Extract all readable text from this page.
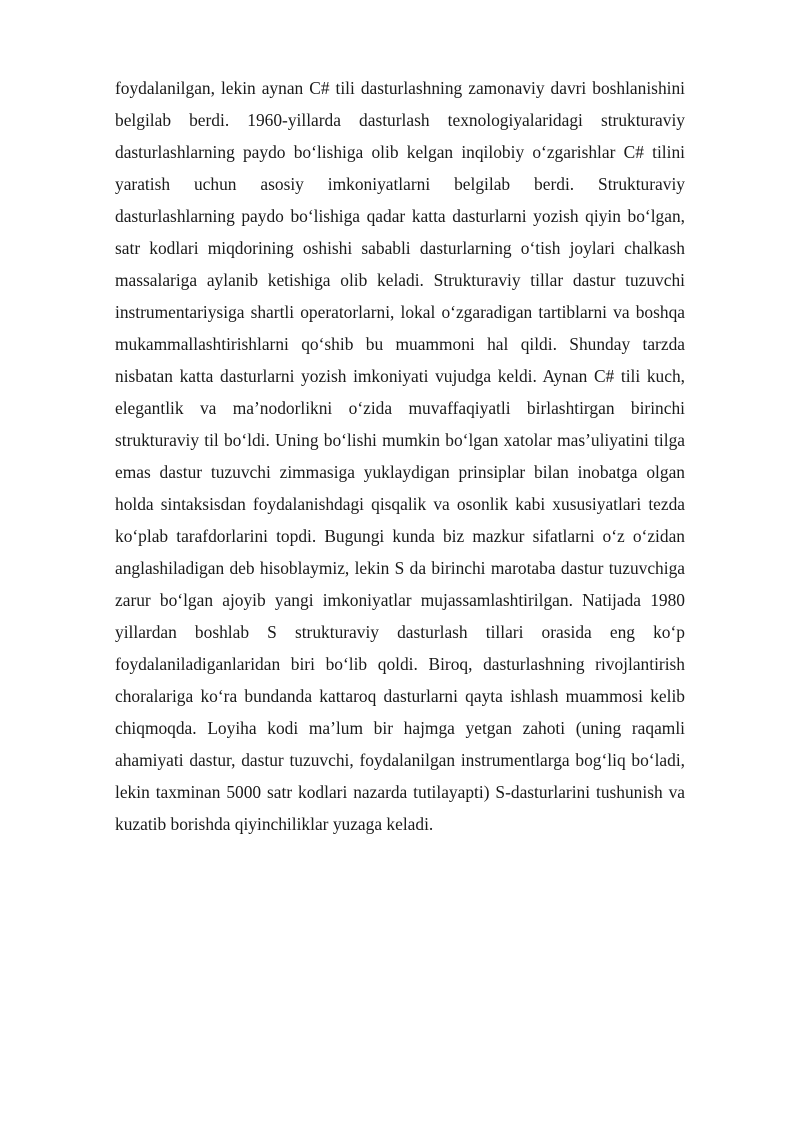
foydalanilgan, lekin aynan C# tili dasturlashning zamonaviy davri boshlanishini belgilab berdi. 1960-yillarda dasturlash texnologiyalaridagi strukturaviy dasturlashlarning paydo boʻlishiga olib kelgan inqilobiy oʻzgarishlar C# tilini yaratish uchun asosiy imkoniyatlarni belgilab berdi. Strukturaviy dasturlashlarning paydo boʻlishiga qadar katta dasturlarni yozish qiyin boʻlgan, satr kodlari miqdorining oshishi sababli dasturlarning oʻtish joylari chalkash massalariga aylanib ketishiga olib keladi. Strukturaviy tillar dastur tuzuvchi instrumentariysiga shartli operatorlarni, lokal oʻzgaradigan tartiblarni va boshqa mukammallashtirishlarni qoʻshib bu muammoni hal qildi. Shunday tarzda nisbatan katta dasturlarni yozish imkoniyati vujudga keldi. Aynan C# tili kuch, elegantlik va maʼnodorlikni oʻzida muvaffaqiyatli birlashtirgan birinchi strukturaviy til boʻldi. Uning boʻlishi mumkin boʻlgan xatolar masʼuliyatini tilga emas dastur tuzuvchi zimmasiga yuklaydigan prinsiplar bilan inobatga olgan holda sintaksisdan foydalanishdagi qisqalik va osonlik kabi xususiyatlari tezda koʻplab tarafdorlarini topdi. Bugungi kunda biz mazkur sifatlarni oʻz oʻzidan anglashiladigan deb hisoblaymiz, lekin S da birinchi marotaba dastur tuzuvchiga zarur boʻlgan ajoyib yangi imkoniyatlar mujassamlashtirilgan. Natijada 1980 yillardan boshlab S strukturaviy dasturlash tillari orasida eng koʻp foydalaniladiganlaridan biri boʻlib qoldi. Biroq, dasturlashning rivojlantirish choralariga koʻra bundanda kattaroq dasturlarni qayta ishlash muammosi kelib chiqmoqda. Loyiha kodi maʼlum bir hajmga yetgan zahoti (uning raqamli ahamiyati dastur, dastur tuzuvchi, foydalanilgan instrumentlarga bogʻliq boʻladi, lekin taxminan 5000 satr kodlari nazarda tutilayapti) S-dasturlarini tushunish va kuzatib borishda qiyinchiliklar yuzaga keladi.
